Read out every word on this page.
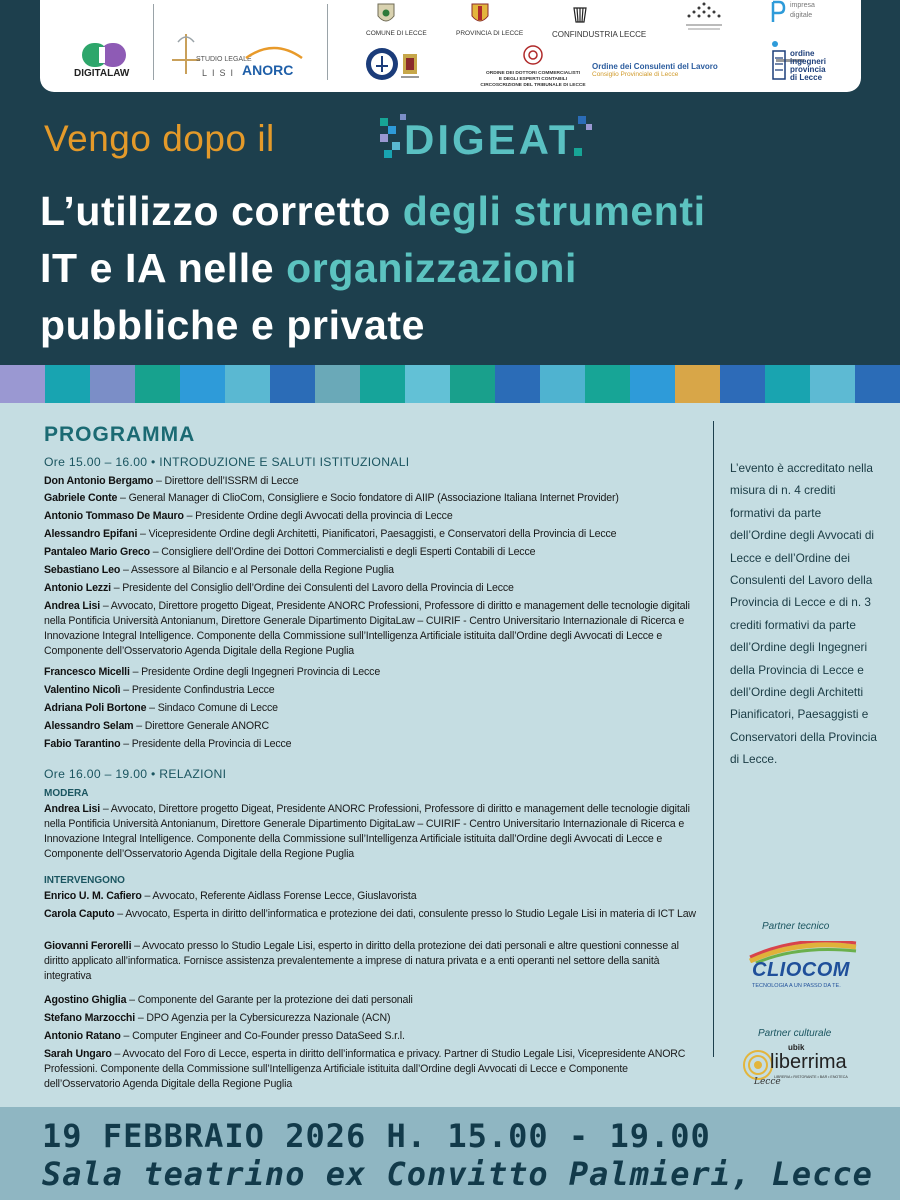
DIGITALAW
STUDIO LEGALE
LISI ANORC
COMUNE DI LECCE	PROVINCIA DI LECCE	CONFINDUSTRIA LECCE
impresa
digitale

ORDINE DEI DOTTORI COMMERCIALISTI
E DEGLI ESPERTI CONTABILI
CIRCOSCRIZIONE DEL TRIBUNALE DI LECCE
Ordine dei Consulenti del Lavoro
Consiglio Provinciale di Lecce
ordine
ingegneri
provincia
di Lecce
Vengo dopo il	DIGEAT
L’utilizzo corretto degli strumenti
IT e IA nelle organizzazioni
pubbliche e private
PROGRAMMA
Ore 15.00 – 16.00 • INTRODUZIONE E SALUTI ISTITUZIONALI
Don Antonio Bergamo – Direttore dell’ISSRM di Lecce
Gabriele Conte – General Manager di ClioCom, Consigliere e Socio fondatore di AIIP (Associazione Italiana Internet Provider)
Antonio Tommaso De Mauro – Presidente Ordine degli Avvocati della provincia di Lecce
Alessandro Epifani – Vicepresidente Ordine degli Architetti, Pianificatori, Paesaggisti, e Conservatori della Provincia di Lecce
Pantaleo Mario Greco – Consigliere dell’Ordine dei Dottori Commercialisti e degli Esperti Contabili di Lecce
Sebastiano Leo – Assessore al Bilancio e al Personale della Regione Puglia
Antonio Lezzi – Presidente del Consiglio dell’Ordine dei Consulenti del Lavoro della Provincia di Lecce
Andrea Lisi – Avvocato, Direttore progetto Digeat, Presidente ANORC Professioni, Professore di diritto e management delle tecnologie digitali nella Pontificia Università Antonianum, Direttore Generale Dipartimento DigitaLaw – CUIRIF - Centro Universitario Internazionale di Ricerca e Innovazione Integral Intelligence. Componente della Commissione sull’Intelligenza Artificiale istituita dall’Ordine degli Avvocati di Lecce e Componente dell’Osservatorio Agenda Digitale della Regione Puglia
Francesco Micelli – Presidente Ordine degli Ingegneri Provincia di Lecce
Valentino Nicolì – Presidente Confindustria Lecce
Adriana Poli Bortone – Sindaco Comune di Lecce
Alessandro Selam – Direttore Generale ANORC
Fabio Tarantino – Presidente della Provincia di Lecce
Ore 16.00 – 19.00 • RELAZIONI
MODERA
Andrea Lisi – Avvocato, Direttore progetto Digeat, Presidente ANORC Professioni, Professore di diritto e management delle tecnologie digitali nella Pontificia Università Antonianum, Direttore Generale Dipartimento DigitaLaw – CUIRIF - Centro Universitario Internazionale di Ricerca e Innovazione Integral Intelligence. Componente della Commissione sull’Intelligenza Artificiale istituita dall’Ordine degli Avvocati di Lecce e Componente dell’Osservatorio Agenda Digitale della Regione Puglia
INTERVENGONO
Enrico U. M. Cafiero – Avvocato, Referente Aidlass Forense Lecce, Giuslavorista
Carola Caputo – Avvocato, Esperta in diritto dell’informatica e protezione dei dati, consulente presso lo Studio Legale Lisi in materia di ICT Law
Giovanni Ferorelli – Avvocato presso lo Studio Legale Lisi, esperto in diritto della protezione dei dati personali e altre questioni connesse al diritto applicato all’informatica. Fornisce assistenza prevalentemente a imprese di natura privata e a enti operanti nel settore della sanità integrativa
Agostino Ghiglia – Componente del Garante per la protezione dei dati personali
Stefano Marzocchi – DPO Agenzia per la Cybersicurezza Nazionale (ACN)
Antonio Ratano – Computer Engineer and Co-Founder presso DataSeed S.r.l.
Sarah Ungaro – Avvocato del Foro di Lecce, esperta in diritto dell’informatica e privacy. Partner di Studio Legale Lisi, Vicepresidente ANORC Professioni. Componente della Commissione sull’Intelligenza Artificiale istituita dall’Ordine degli Avvocati di Lecce e Componente dell’Osservatorio Agenda Digitale della Regione Puglia
L’evento è accreditato nella misura di n. 4 crediti formativi da parte dell’Ordine degli Avvocati di Lecce e dell’Ordine dei Consulenti del Lavoro della Provincia di Lecce e di n. 3 crediti formativi da parte dell’Ordine degli Ingegneri della Provincia di Lecce e dell’Ordine degli Architetti Pianificatori, Paesaggisti e Conservatori della Provincia di Lecce.
Partner tecnico
CLIOCOM
TECNOLOGIA A UN PASSO DA TE.
Partner culturale
ubik
liberrima
LIBRERIA • RISTORANTE • BAR • ENOTECA
Lecce
19 FEBBRAIO 2026 H. 15.00 - 19.00
Sala teatrino ex Convitto Palmieri, Lecce
